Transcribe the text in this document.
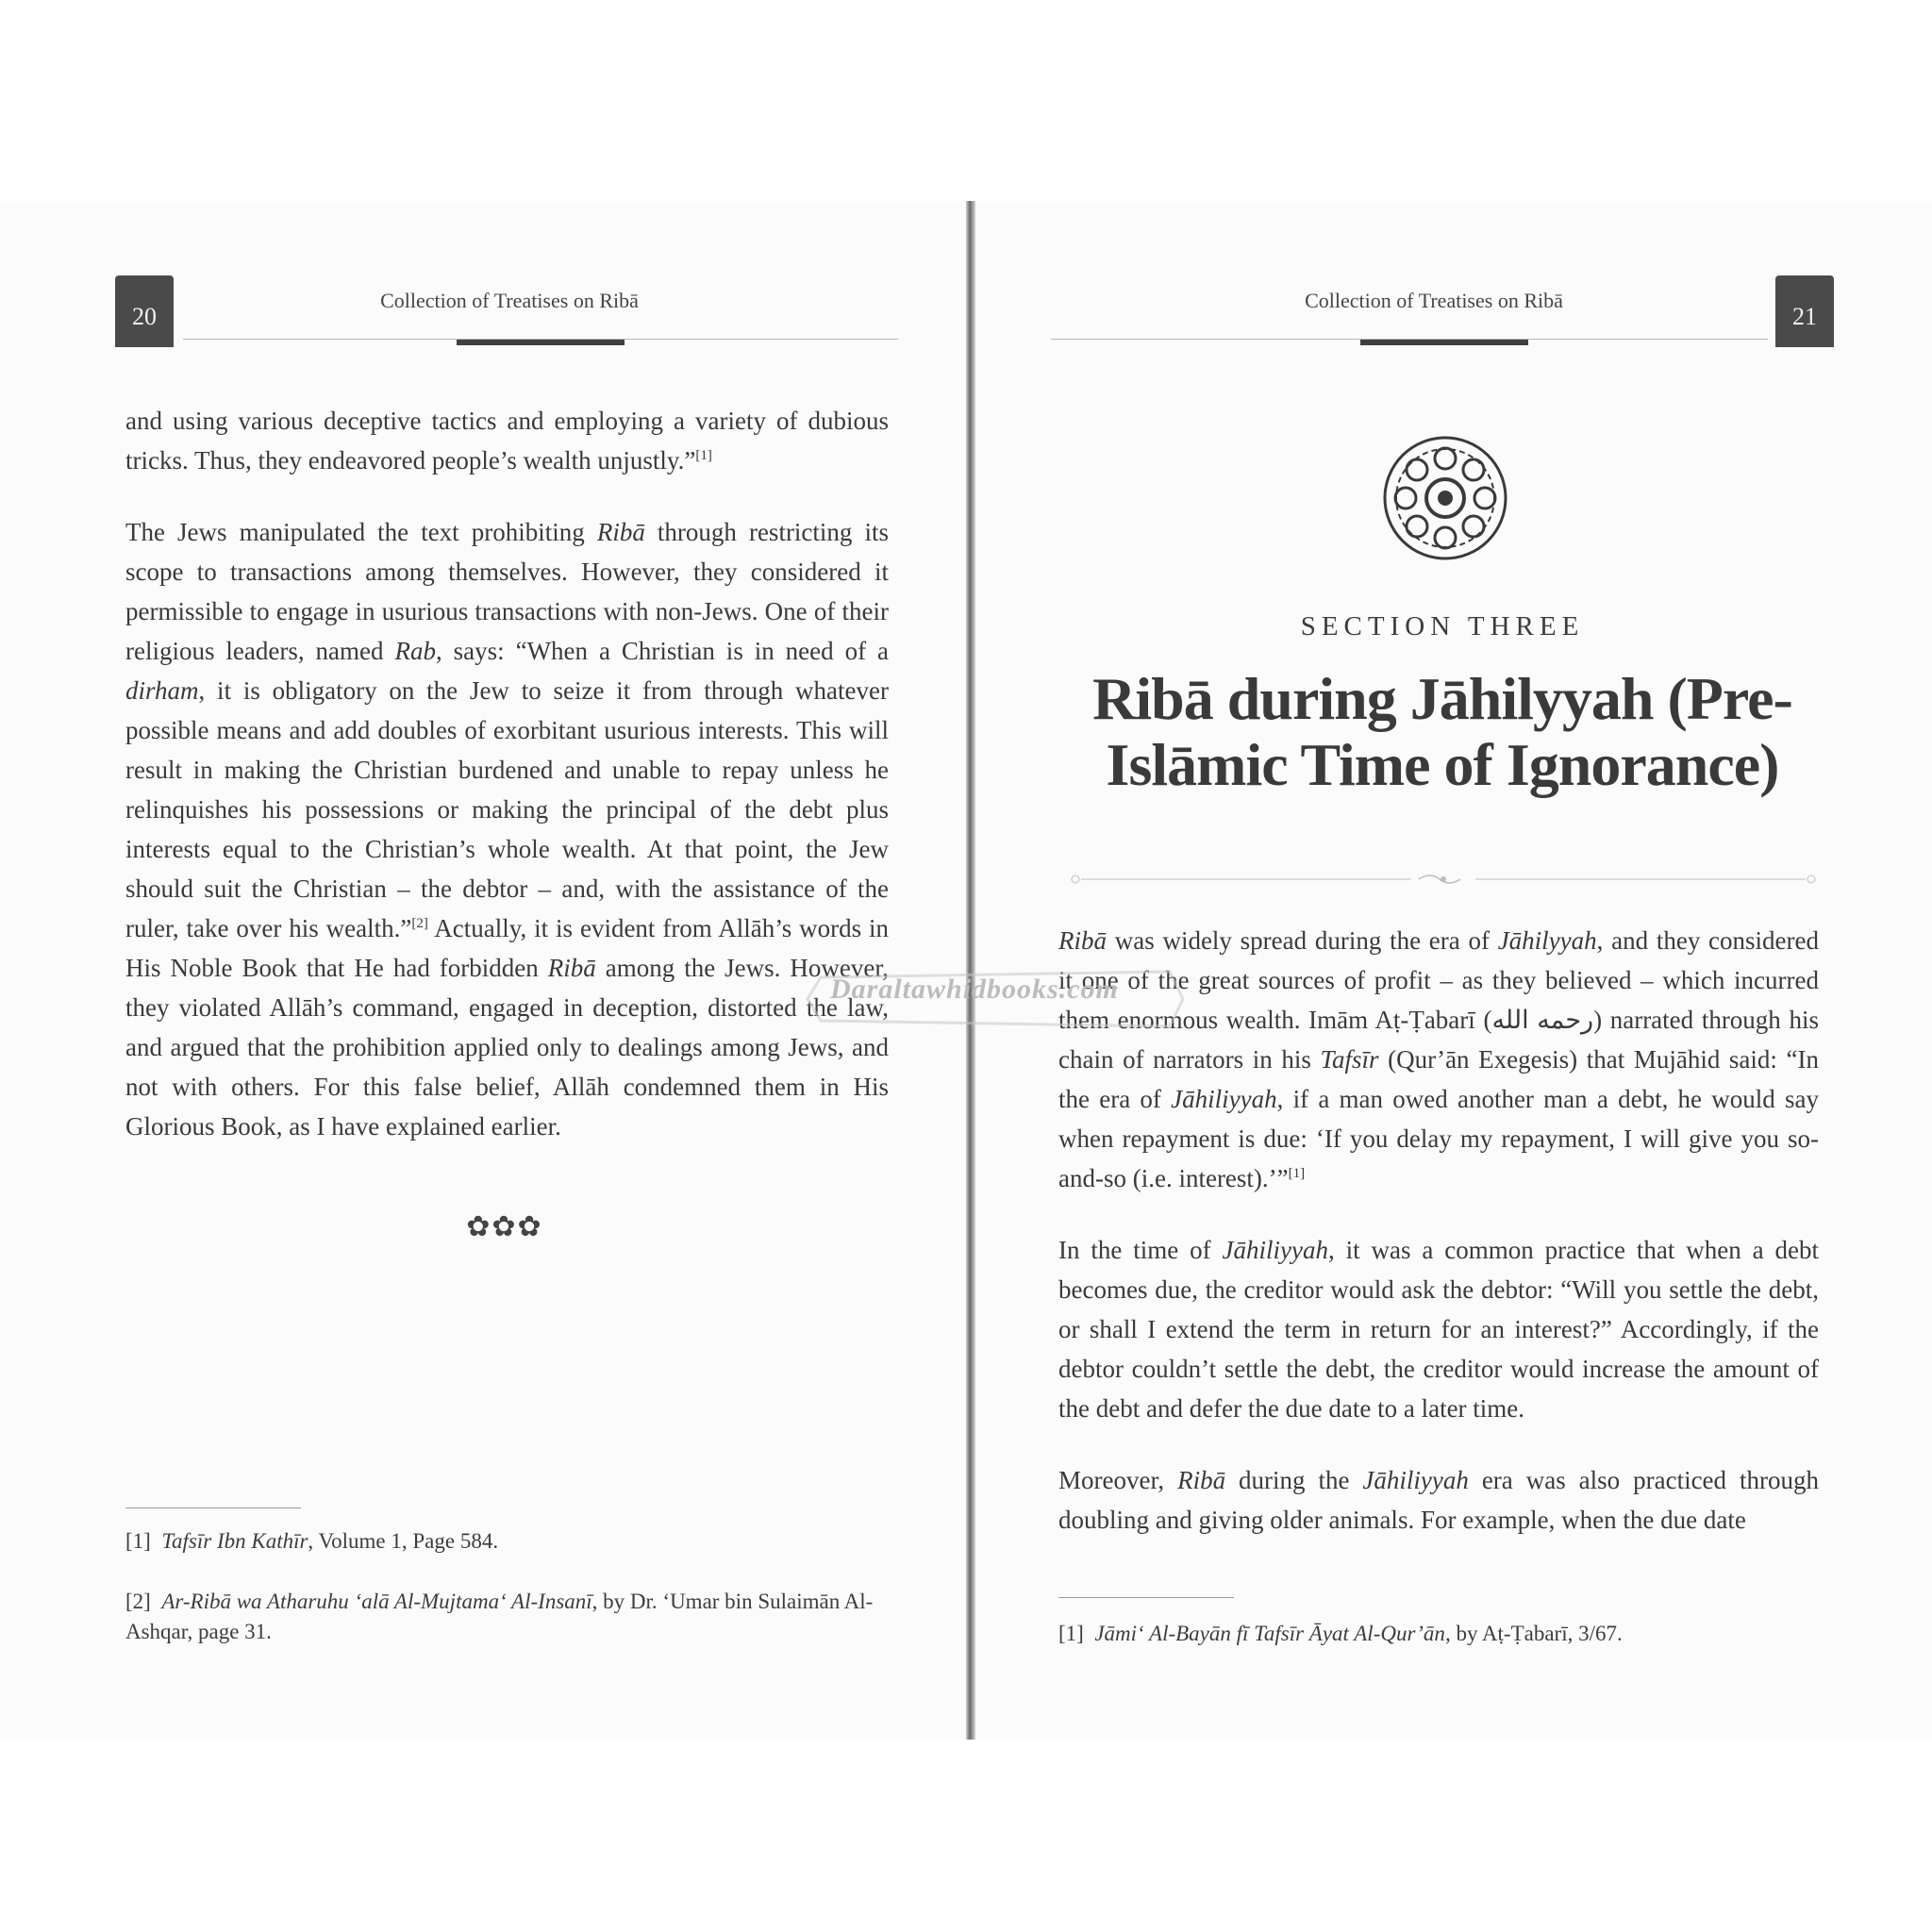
20
Collection of Treatises on Ribā

and using various deceptive tactics and employing a variety of dubious tricks. Thus, they endeavored people’s wealth unjustly.”[1]

The Jews manipulated the text prohibiting Ribā through restricting its scope to transactions among themselves. However, they considered it permissible to engage in usurious transactions with non-Jews. One of their religious leaders, named Rab, says: “When a Christian is in need of a dirham, it is obligatory on the Jew to seize it from through whatever possible means and add doubles of exorbitant usurious interests. This will result in making the Christian burdened and unable to repay unless he relinquishes his possessions or making the principal of the debt plus interests equal to the Christian’s whole wealth. At that point, the Jew should suit the Christian – the debtor – and, with the assistance of the ruler, take over his wealth.”[2] Actually, it is evident from Allāh’s words in His Noble Book that He had forbidden Ribā among the Jews. However, they violated Allāh’s command, engaged in deception, distorted the law, and argued that the prohibition applied only to dealings among Jews, and not with others. For this false belief, Allāh condemned them in His Glorious Book, as I have explained earlier.

✿✿✿

[1] Tafsīr Ibn Kathīr, Volume 1, Page 584.

[2] Ar-Ribā wa Atharuhu ‘alā Al-Mujtama‘ Al-Insanī, by Dr. ‘Umar bin Sulaimān Al-Ashqar, page 31.

Collection of Treatises on Ribā
21
SECTION THREE
Ribā during Jāhilyyah (Pre-Islāmic Time of Ignorance)

Ribā was widely spread during the era of Jāhilyyah, and they considered it one of the great sources of profit – as they believed – which incurred them enormous wealth. Imām Aṭ-Ṭabarī (رحمه الله) narrated through his chain of narrators in his Tafsīr (Qur’ān Exegesis) that Mujāhid said: “In the era of Jāhiliyyah, if a man owed another man a debt, he would say when repayment is due: ‘If you delay my repayment, I will give you so-and-so (i.e. interest).’”[1]

In the time of Jāhiliyyah, it was a common practice that when a debt becomes due, the creditor would ask the debtor: “Will you settle the debt, or shall I extend the term in return for an interest?” Accordingly, if the debtor couldn’t settle the debt, the creditor would increase the amount of the debt and defer the due date to a later time.

Moreover, Ribā during the Jāhiliyyah era was also practiced through doubling and giving older animals. For example, when the due date

[1] Jāmi‘ Al-Bayān fī Tafsīr Āyat Al-Qur’ān, by Aṭ-Ṭabarī, 3/67.

Daraltawhidbooks.com
